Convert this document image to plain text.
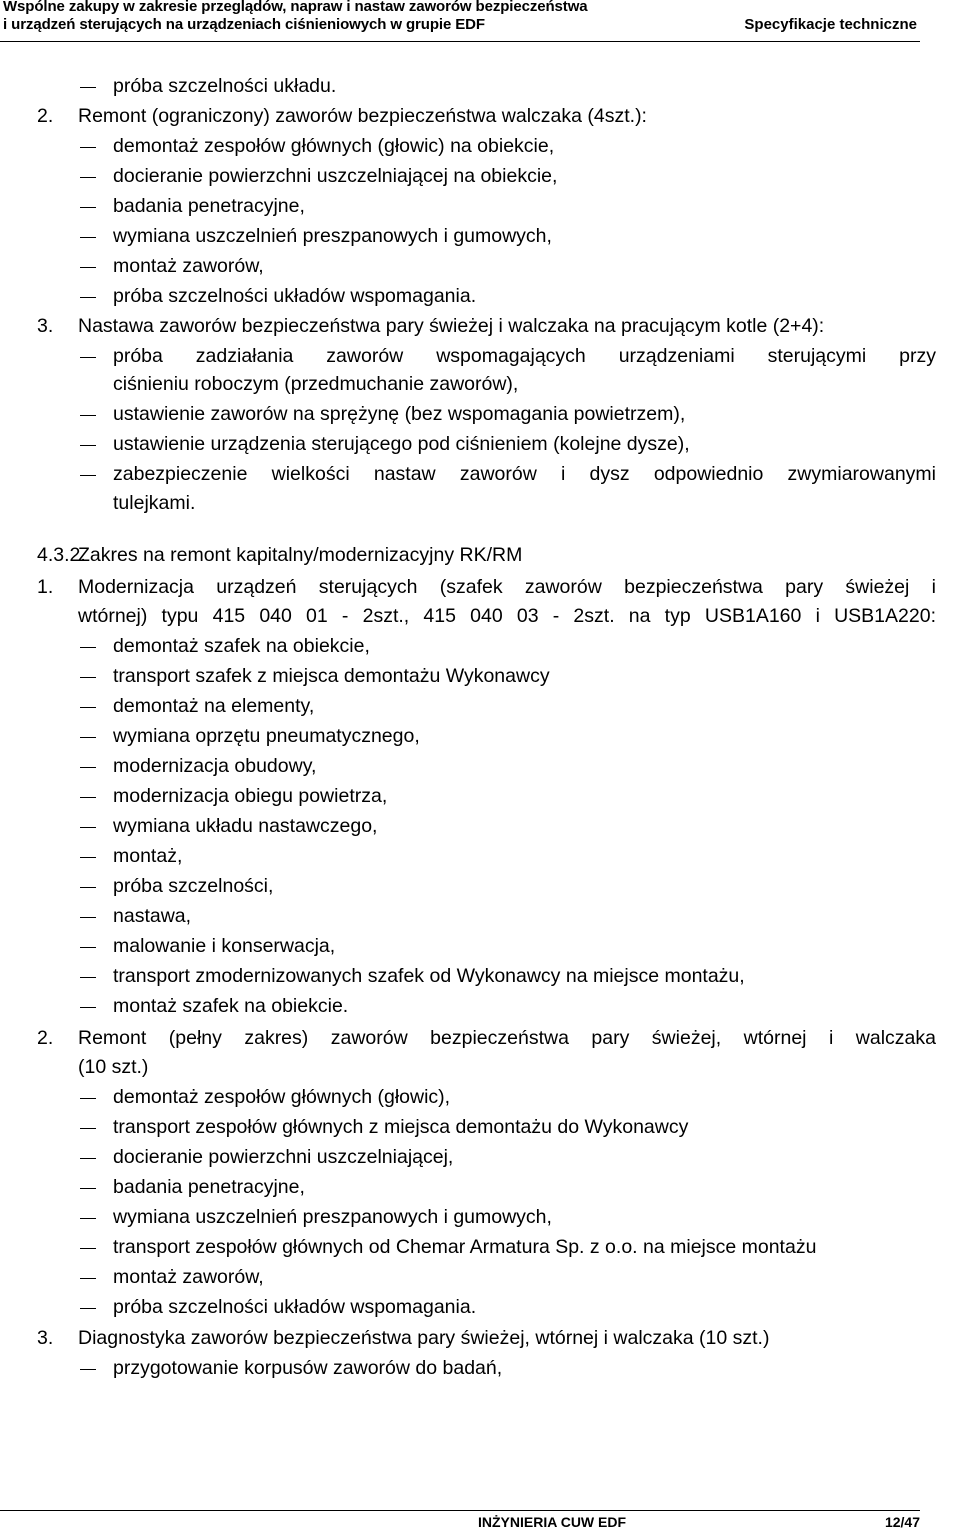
Wspólne zakupy w zakresie przeglądów, napraw i nastaw zaworów bezpieczeństwa
i urządzeń sterujących na urządzeniach ciśnieniowych w grupie EDF	Specyfikacje techniczne
próba szczelności układu.
2. Remont (ograniczony) zaworów bezpieczeństwa walczaka (4szt.):
demontaż zespołów głównych (głowic) na obiekcie,
docieranie powierzchni uszczelniającej na obiekcie,
badania penetracyjne,
wymiana uszczelnień preszpanowych i gumowych,
montaż zaworów,
próba szczelności układów wspomagania.
3. Nastawa zaworów bezpieczeństwa pary świeżej i walczaka na pracującym kotle (2+4):
próba zadziałania zaworów wspomagających urządzeniami sterującymi przy
ciśnieniu roboczym (przedmuchanie zaworów),
ustawienie zaworów na sprężynę (bez wspomagania powietrzem),
ustawienie urządzenia sterującego pod ciśnieniem (kolejne dysze),
zabezpieczenie wielkości nastaw zaworów i dysz odpowiednio zwymiarowanymi
tulejkami.
4.3.2.
Zakres na remont kapitalny/modernizacyjny RK/RM
1. Modernizacja urządzeń sterujących (szafek zaworów bezpieczeństwa pary świeżej i
wtórnej) typu 415 040 01 - 2szt., 415 040 03 - 2szt. na typ USB1A160 i USB1A220:
demontaż szafek na obiekcie,
transport szafek z miejsca demontażu Wykonawcy
demontaż na elementy,
wymiana oprzętu pneumatycznego,
modernizacja obudowy,
modernizacja obiegu powietrza,
wymiana układu nastawczego,
montaż,
próba szczelności,
nastawa,
malowanie i konserwacja,
transport zmodernizowanych szafek od Wykonawcy na miejsce montażu,
montaż szafek na obiekcie.
2. Remont (pełny zakres) zaworów bezpieczeństwa pary świeżej, wtórnej i walczaka
(10 szt.)
demontaż zespołów głównych (głowic),
transport zespołów głównych z miejsca demontażu do Wykonawcy
docieranie powierzchni uszczelniającej,
badania penetracyjne,
wymiana uszczelnień preszpanowych i gumowych,
transport zespołów głównych od Chemar Armatura Sp. z o.o. na miejsce montażu
montaż zaworów,
próba szczelności układów wspomagania.
3. Diagnostyka zaworów bezpieczeństwa pary świeżej, wtórnej i walczaka (10 szt.)
przygotowanie korpusów zaworów do badań,
INŻYNIERIA CUW EDF	12/47
